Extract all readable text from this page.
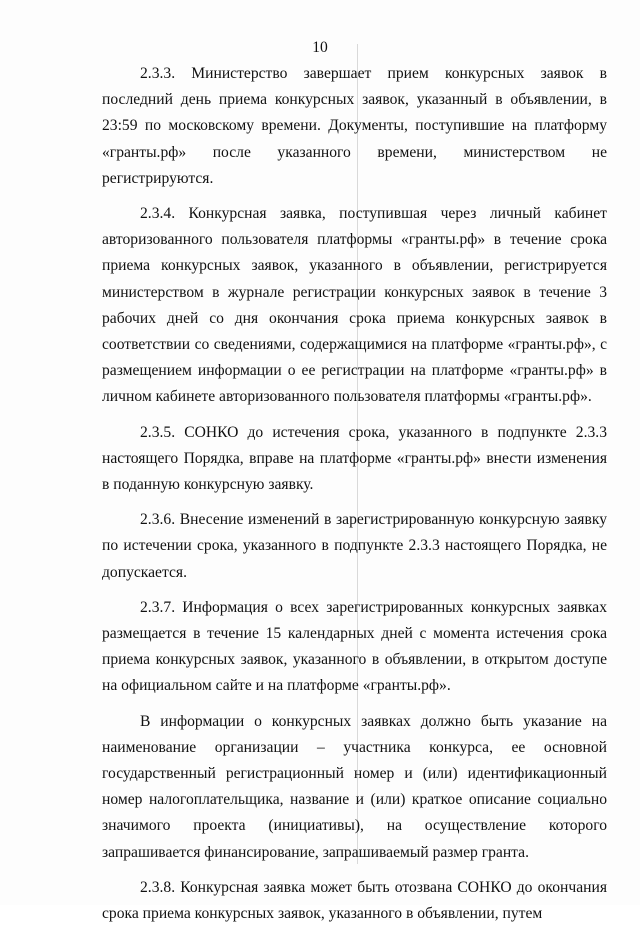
10

2.3.3. Министерство завершает прием конкурсных заявок в последний день приема конкурсных заявок, указанный в объявлении, в 23:59 по московскому времени. Документы, поступившие на платформу «гранты.рф» после указанного времени, министерством не регистрируются.

2.3.4. Конкурсная заявка, поступившая через личный кабинет авторизованного пользователя платформы «гранты.рф» в течение срока приема конкурсных заявок, указанного в объявлении, регистрируется министерством в журнале регистрации конкурсных заявок в течение 3 рабочих дней со дня окончания срока приема конкурсных заявок в соответствии со сведениями, содержащимися на платформе «гранты.рф», с размещением информации о ее регистрации на платформе «гранты.рф» в личном кабинете авторизованного пользователя платформы «гранты.рф».

2.3.5. СОНКО до истечения срока, указанного в подпункте 2.3.3 настоящего Порядка, вправе на платформе «гранты.рф» внести изменения в поданную конкурсную заявку.

2.3.6. Внесение изменений в зарегистрированную конкурсную заявку по истечении срока, указанного в подпункте 2.3.3 настоящего Порядка, не допускается.

2.3.7. Информация о всех зарегистрированных конкурсных заявках размещается в течение 15 календарных дней с момента истечения срока приема конкурсных заявок, указанного в объявлении, в открытом доступе на официальном сайте и на платформе «гранты.рф».

В информации о конкурсных заявках должно быть указание на наименование организации – участника конкурса, ее основной государственный регистрационный номер и (или) идентификационный номер налогоплательщика, название и (или) краткое описание социально значимого проекта (инициативы), на осуществление которого запрашивается финансирование, запрашиваемый размер гранта.

2.3.8. Конкурсная заявка может быть отозвана СОНКО до окончания срока приема конкурсных заявок, указанного в объявлении, путем
